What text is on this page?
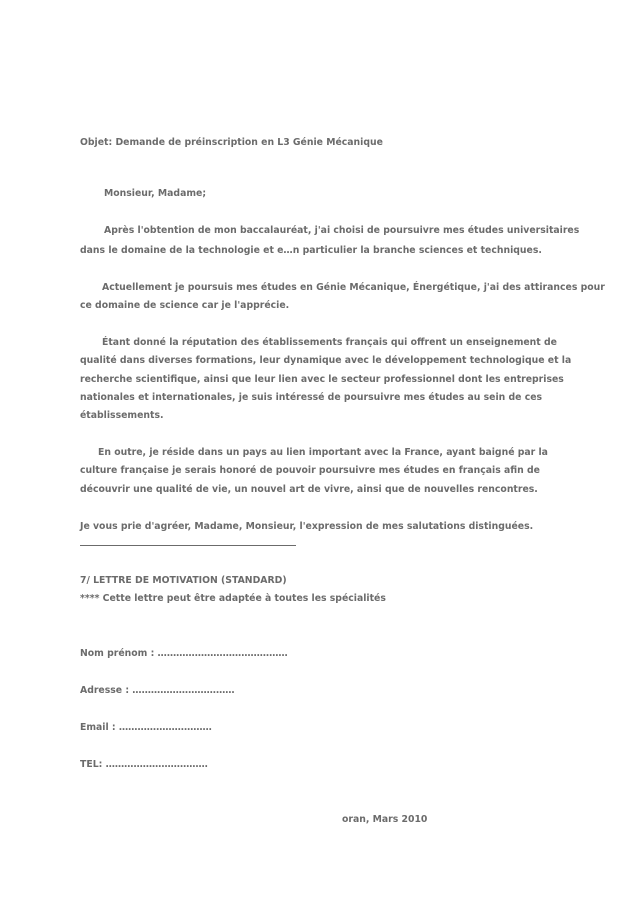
Objet: Demande de préinscription en L3 Génie Mécanique
Monsieur, Madame;
Après l'obtention de mon baccalauréat, j'ai choisi de poursuivre mes études universitaires
dans le domaine de la technologie et e…n particulier la branche sciences et techniques.
Actuellement je poursuis mes études en Génie Mécanique, Énergétique, j'ai des attirances pour
ce domaine de science car je l'apprécie.
Étant donné la réputation des établissements français qui offrent un enseignement de
qualité dans diverses formations, leur dynamique avec le développement technologique et la
recherche scientifique, ainsi que leur lien avec le secteur professionnel dont les entreprises
nationales et internationales, je suis intéressé de poursuivre mes études au sein de ces
établissements.
En outre, je réside dans un pays au lien important avec la France, ayant baigné par la
culture française je serais honoré de pouvoir poursuivre mes études en français afin de
découvrir une qualité de vie, un nouvel art de vivre, ainsi que de nouvelles rencontres.
Je vous prie d'agréer, Madame, Monsieur, l'expression de mes salutations distinguées.
7/ LETTRE DE MOTIVATION (STANDARD)
**** Cette lettre peut être adaptée à toutes les spécialités
Nom prénom : ……………………………………
Adresse : ……………………………
Email : …………………………
TEL: ……………………………
oran, Mars 2010
